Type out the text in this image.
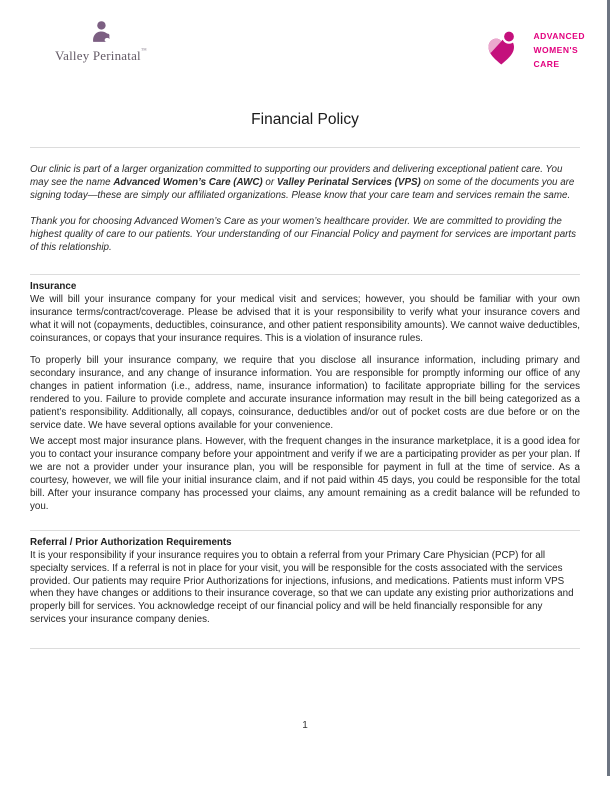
Valley Perinatal™
ADVANCED
WOMEN'S
CARE
Financial Policy

Our clinic is part of a larger organization committed to supporting our providers and delivering exceptional patient care. You may see the name Advanced Women’s Care (AWC) or Valley Perinatal Services (VPS) on some of the documents you are signing today—these are simply our affiliated organizations. Please know that your care team and services remain the same.

Thank you for choosing Advanced Women’s Care as your women’s healthcare provider. We are committed to providing the highest quality of care to our patients. Your understanding of our Financial Policy and payment for services are important parts of this relationship.

Insurance

We will bill your insurance company for your medical visit and services; however, you should be familiar with your own insurance terms/contract/coverage. Please be advised that it is your responsibility to verify what your insurance covers and what it will not (copayments, deductibles, coinsurance, and other patient responsibility amounts). We cannot waive deductibles, coinsurances, or copays that your insurance requires. This is a violation of insurance rules.

To properly bill your insurance company, we require that you disclose all insurance information, including primary and secondary insurance, and any change of insurance information. You are responsible for promptly informing our office of any changes in patient information (i.e., address, name, insurance information) to facilitate appropriate billing for the services rendered to you. Failure to provide complete and accurate insurance information may result in the bill being categorized as a patient’s responsibility. Additionally, all copays, coinsurance, deductibles and/or out of pocket costs are due before or on the service date. We have several options available for your convenience.

We accept most major insurance plans. However, with the frequent changes in the insurance marketplace, it is a good idea for you to contact your insurance company before your appointment and verify if we are a participating provider as per your plan. If we are not a provider under your insurance plan, you will be responsible for payment in full at the time of service. As a courtesy, however, we will file your initial insurance claim, and if not paid within 45 days, you could be responsible for the total bill. After your insurance company has processed your claims, any amount remaining as a credit balance will be refunded to you.

Referral / Prior Authorization Requirements

It is your responsibility if your insurance requires you to obtain a referral from your Primary Care Physician (PCP) for all specialty services. If a referral is not in place for your visit, you will be responsible for the costs associated with the services provided. Our patients may require Prior Authorizations for injections, infusions, and medications. Patients must inform VPS when they have changes or additions to their insurance coverage, so that we can update any existing prior authorizations and properly bill for services. You acknowledge receipt of our financial policy and will be held financially responsible for any services your insurance company denies.

1
